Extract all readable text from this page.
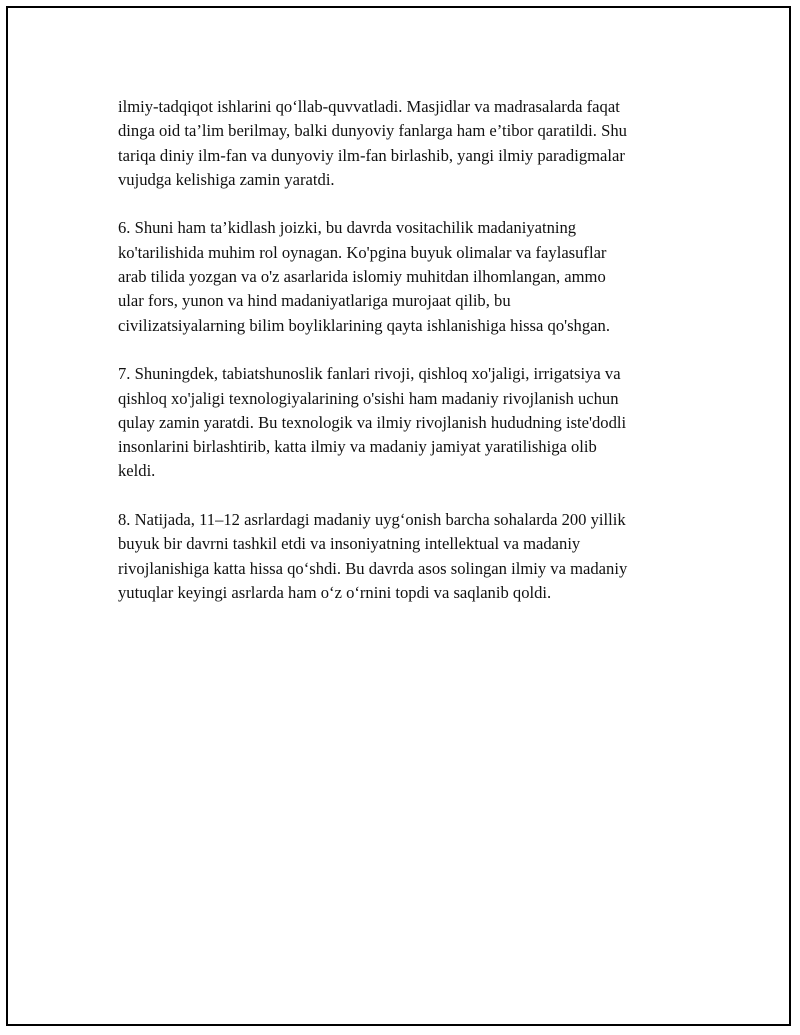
ilmiy-tadqiqot ishlarini qo‘llab-quvvatladi. Masjidlar va madrasalarda faqat
dinga oid ta’lim berilmay, balki dunyoviy fanlarga ham e’tibor qaratildi. Shu
tariqa diniy ilm-fan va dunyoviy ilm-fan birlashib, yangi ilmiy paradigmalar
vujudga kelishiga zamin yaratdi.

6. Shuni ham ta’kidlash joizki, bu davrda vositachilik madaniyatning
ko'tarilishida muhim rol oynagan. Ko'pgina buyuk olimalar va faylasuflar
arab tilida yozgan va o'z asarlarida islomiy muhitdan ilhomlangan, ammo
ular fors, yunon va hind madaniyatlariga murojaat qilib, bu
civilizatsiyalarning bilim boyliklarining qayta ishlanishiga hissa qo'shgan.

7. Shuningdek, tabiatshunoslik fanlari rivoji, qishloq xo'jaligi, irrigatsiya va
qishloq xo'jaligi texnologiyalarining o'sishi ham madaniy rivojlanish uchun
qulay zamin yaratdi. Bu texnologik va ilmiy rivojlanish hududning iste'dodli
insonlarini birlashtirib, katta ilmiy va madaniy jamiyat yaratilishiga olib
keldi.

8. Natijada, 11–12 asrlardagi madaniy uyg‘onish barcha sohalarda 200 yillik
buyuk bir davrni tashkil etdi va insoniyatning intellektual va madaniy
rivojlanishiga katta hissa qo‘shdi. Bu davrda asos solingan ilmiy va madaniy
yutuqlar keyingi asrlarda ham o‘z o‘rnini topdi va saqlanib qoldi.
